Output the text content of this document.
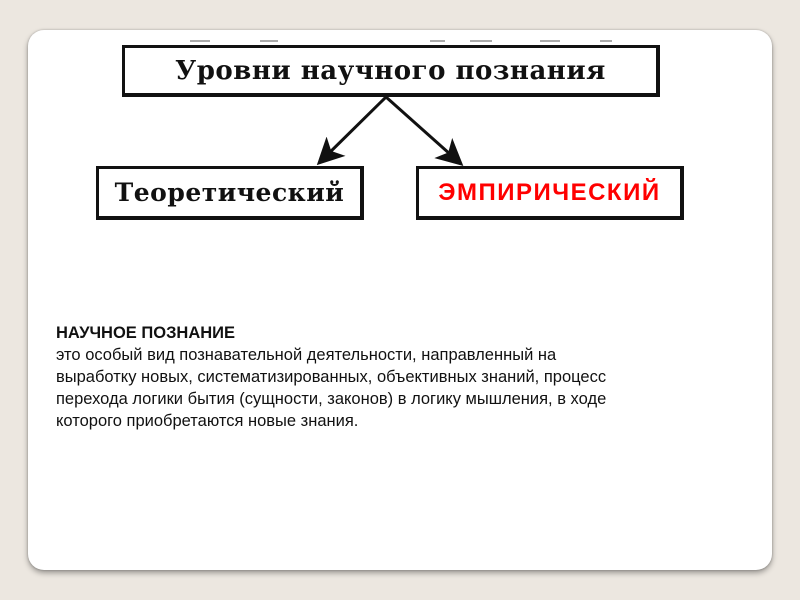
Уровни научного познания
Теоретический	ЭМПИРИЧЕСКИЙ
НАУЧНОЕ ПОЗНАНИЕ
это особый вид познавательной деятельности, направленный на
выработку новых, систематизированных, объективных знаний, процесс
перехода логики бытия (сущности, законов) в логику мышления, в ходе
которого приобретаются новые знания.
